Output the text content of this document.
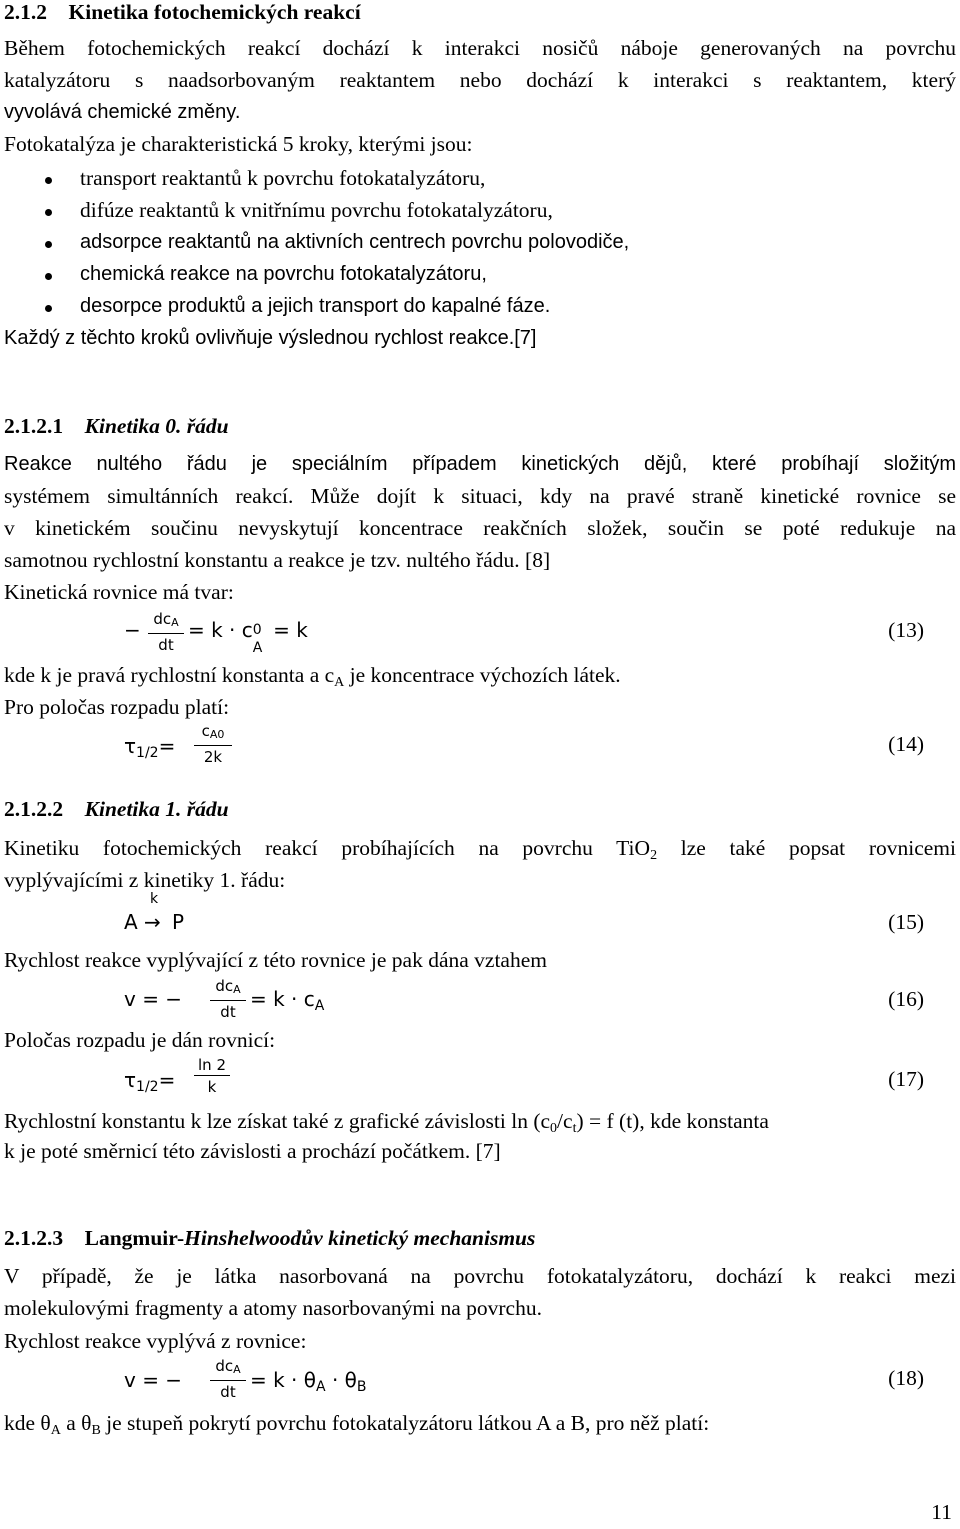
2.1.2 Kinetika fotochemických reakcí
Během fotochemických reakcí dochází k interakci nosičů náboje generovaných na povrchu
katalyzátoru s naadsorbovaným reaktantem nebo dochází k interakci s reaktantem, který
vyvolává chemické změny.
Fotokatalýza je charakteristická 5 kroky, kterými jsou:
transport reaktantů k povrchu fotokatalyzátoru,
difúze reaktantů k vnitřnímu povrchu fotokatalyzátoru,
adsorpce reaktantů na aktivních centrech povrchu polovodiče,
chemická reakce na povrchu fotokatalyzátoru,
desorpce produktů a jejich transport do kapalné fáze.
Každý z těchto kroků ovlivňuje výslednou rychlost reakce.[7]
2.1.2.1 Kinetika 0. řádu
Reakce nultého řádu je speciálním případem kinetických dějů, které probíhají složitým
systémem simultánních reakcí. Může dojít k situaci, kdy na pravé straně kinetické rovnice se
v kinetickém součinu nevyskytují koncentrace reakčních složek, součin se poté redukuje na
samotnou rychlostní konstantu a reakce je tzv. nultého řádu. [8]
Kinetická rovnice má tvar:
− dcA
dt
= k · c 0
A
= k	(13)
kde k je pravá rychlostní konstanta a $c_A$ je koncentrace výchozích látek.
Pro poločas rozpadu platí:
$\tau_{1/2}= \frac{cA0}{2k}$	(14)
2.1.2.2 Kinetika 1. řádu
Kinetiku fotochemických reakcí probíhajících na povrchu TiO$_2$ lze také popsat rovnicemi
vyplývajícími z kinetiky 1. řádu:
A
k
→ P	(15)
Rychlost reakce vyplývající z této rovnice je pak dána vztahem
v = −
dcA
dt
= $k \cdot c_A$	(16)
Poločas rozpadu je dán rovnicí:
$\tau_{1/2}= \frac{\ln 2}{k}$	(17)
Rychlostní konstantu k lze získat také z grafické závislosti $\ln (c_0/c_t) = f$ (t), kde konstanta
k je poté směrnicí této závislosti a prochází počátkem. [7]
2.1.2.3 Langmuir-Hinshelwoodův kinetický mechanismus
V případě, že je látka nasorbovaná na povrchu fotokatalyzátoru, dochází k reakci mezi
molekulovými fragmenty a atomy nasorbovanými na povrchu.
Rychlost reakce vyplývá z rovnice:
v = −
dcA
dt = $k \cdot \theta_A \cdot \theta_B$	(18)
kde $\theta_A$ a $\theta_B$ je stupeň pokrytí povrchu fotokatalyzátoru látkou A a B, pro něž platí:
11
